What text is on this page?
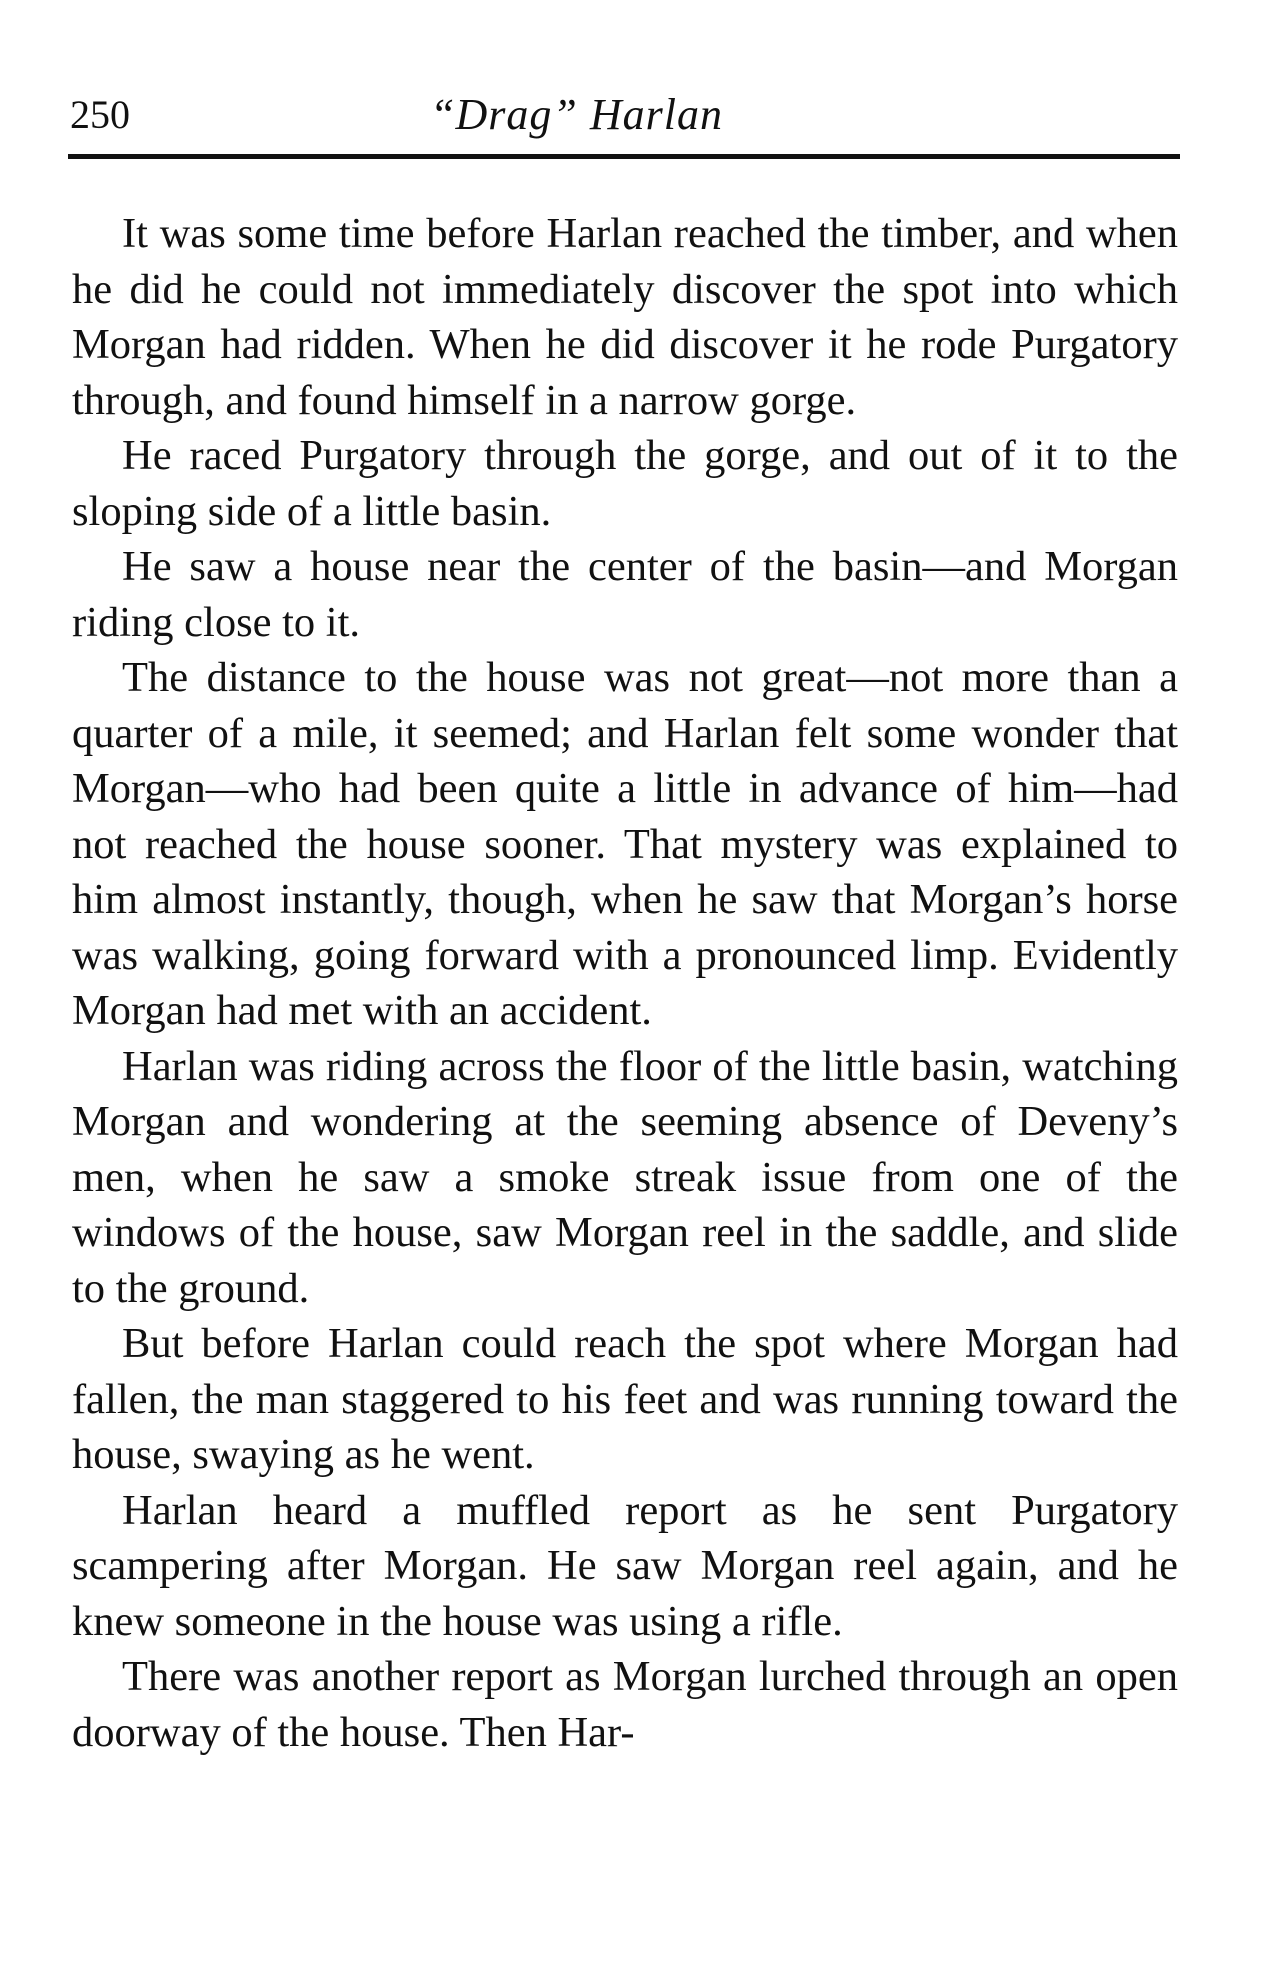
250	“Drag” Harlan

It was some time before Harlan reached the timber, and when he did he could not immediately discover the spot into which Morgan had ridden. When he did discover it he rode Purgatory through, and found himself in a narrow gorge.

He raced Purgatory through the gorge, and out of it to the sloping side of a little basin.

He saw a house near the center of the basin—and Morgan riding close to it.

The distance to the house was not great—not more than a quarter of a mile, it seemed; and Harlan felt some wonder that Morgan—who had been quite a little in advance of him—had not reached the house sooner. That mystery was explained to him almost instantly, though, when he saw that Morgan’s horse was walking, going forward with a pronounced limp. Evidently Morgan had met with an accident.

Harlan was riding across the floor of the little basin, watching Morgan and wondering at the seeming absence of Deveny’s men, when he saw a smoke streak issue from one of the windows of the house, saw Morgan reel in the saddle, and slide to the ground.

But before Harlan could reach the spot where Morgan had fallen, the man staggered to his feet and was running toward the house, swaying as he went.

Harlan heard a muffled report as he sent Purgatory scampering after Morgan. He saw Morgan reel again, and he knew someone in the house was using a rifle.

There was another report as Morgan lurched through an open doorway of the house. Then Har-
